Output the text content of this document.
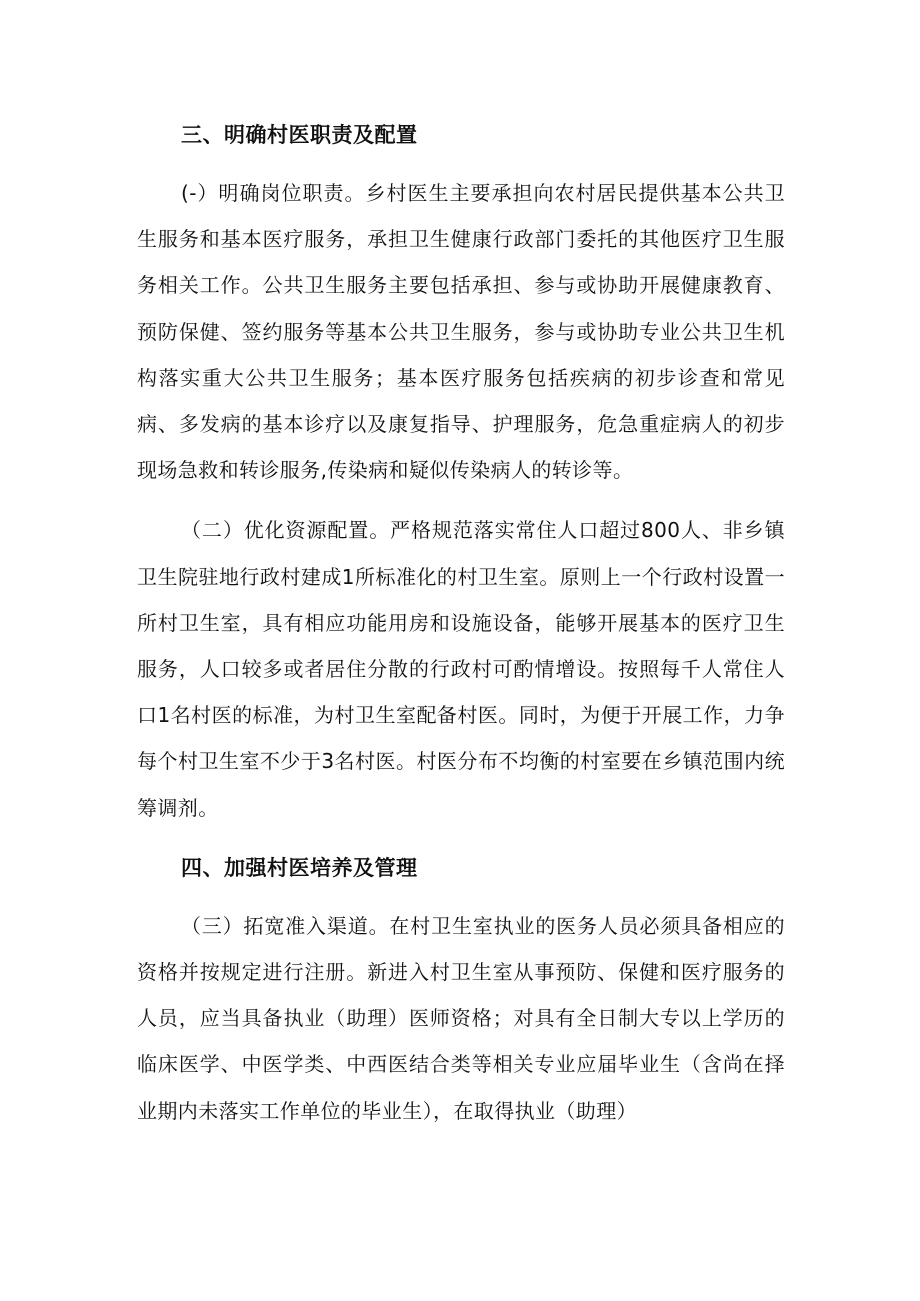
三、明确村医职责及配置

(-）明确岗位职责。乡村医生主要承担向农村居民提供基本公共卫生服务和基本医疗服务，承担卫生健康行政部门委托的其他医疗卫生服务相关工作。公共卫生服务主要包括承担、参与或协助开展健康教育、预防保健、签约服务等基本公共卫生服务，参与或协助专业公共卫生机构落实重大公共卫生服务；基本医疗服务包括疾病的初步诊查和常见病、多发病的基本诊疗以及康复指导、护理服务，危急重症病人的初步现场急救和转诊服务,传染病和疑似传染病人的转诊等。

（二）优化资源配置。严格规范落实常住人口超过800人、非乡镇卫生院驻地行政村建成1所标准化的村卫生室。原则上一个行政村设置一所村卫生室，具有相应功能用房和设施设备，能够开展基本的医疗卫生服务，人口较多或者居住分散的行政村可酌情增设。按照每千人常住人口1名村医的标准，为村卫生室配备村医。同时，为便于开展工作，力争每个村卫生室不少于3名村医。村医分布不均衡的村室要在乡镇范围内统筹调剂。

四、加强村医培养及管理

（三）拓宽准入渠道。在村卫生室执业的医务人员必须具备相应的资格并按规定进行注册。新进入村卫生室从事预防、保健和医疗服务的人员，应当具备执业（助理）医师资格；对具有全日制大专以上学历的临床医学、中医学类、中西医结合类等相关专业应届毕业生（含尚在择业期内未落实工作单位的毕业生），在取得执业（助理）
